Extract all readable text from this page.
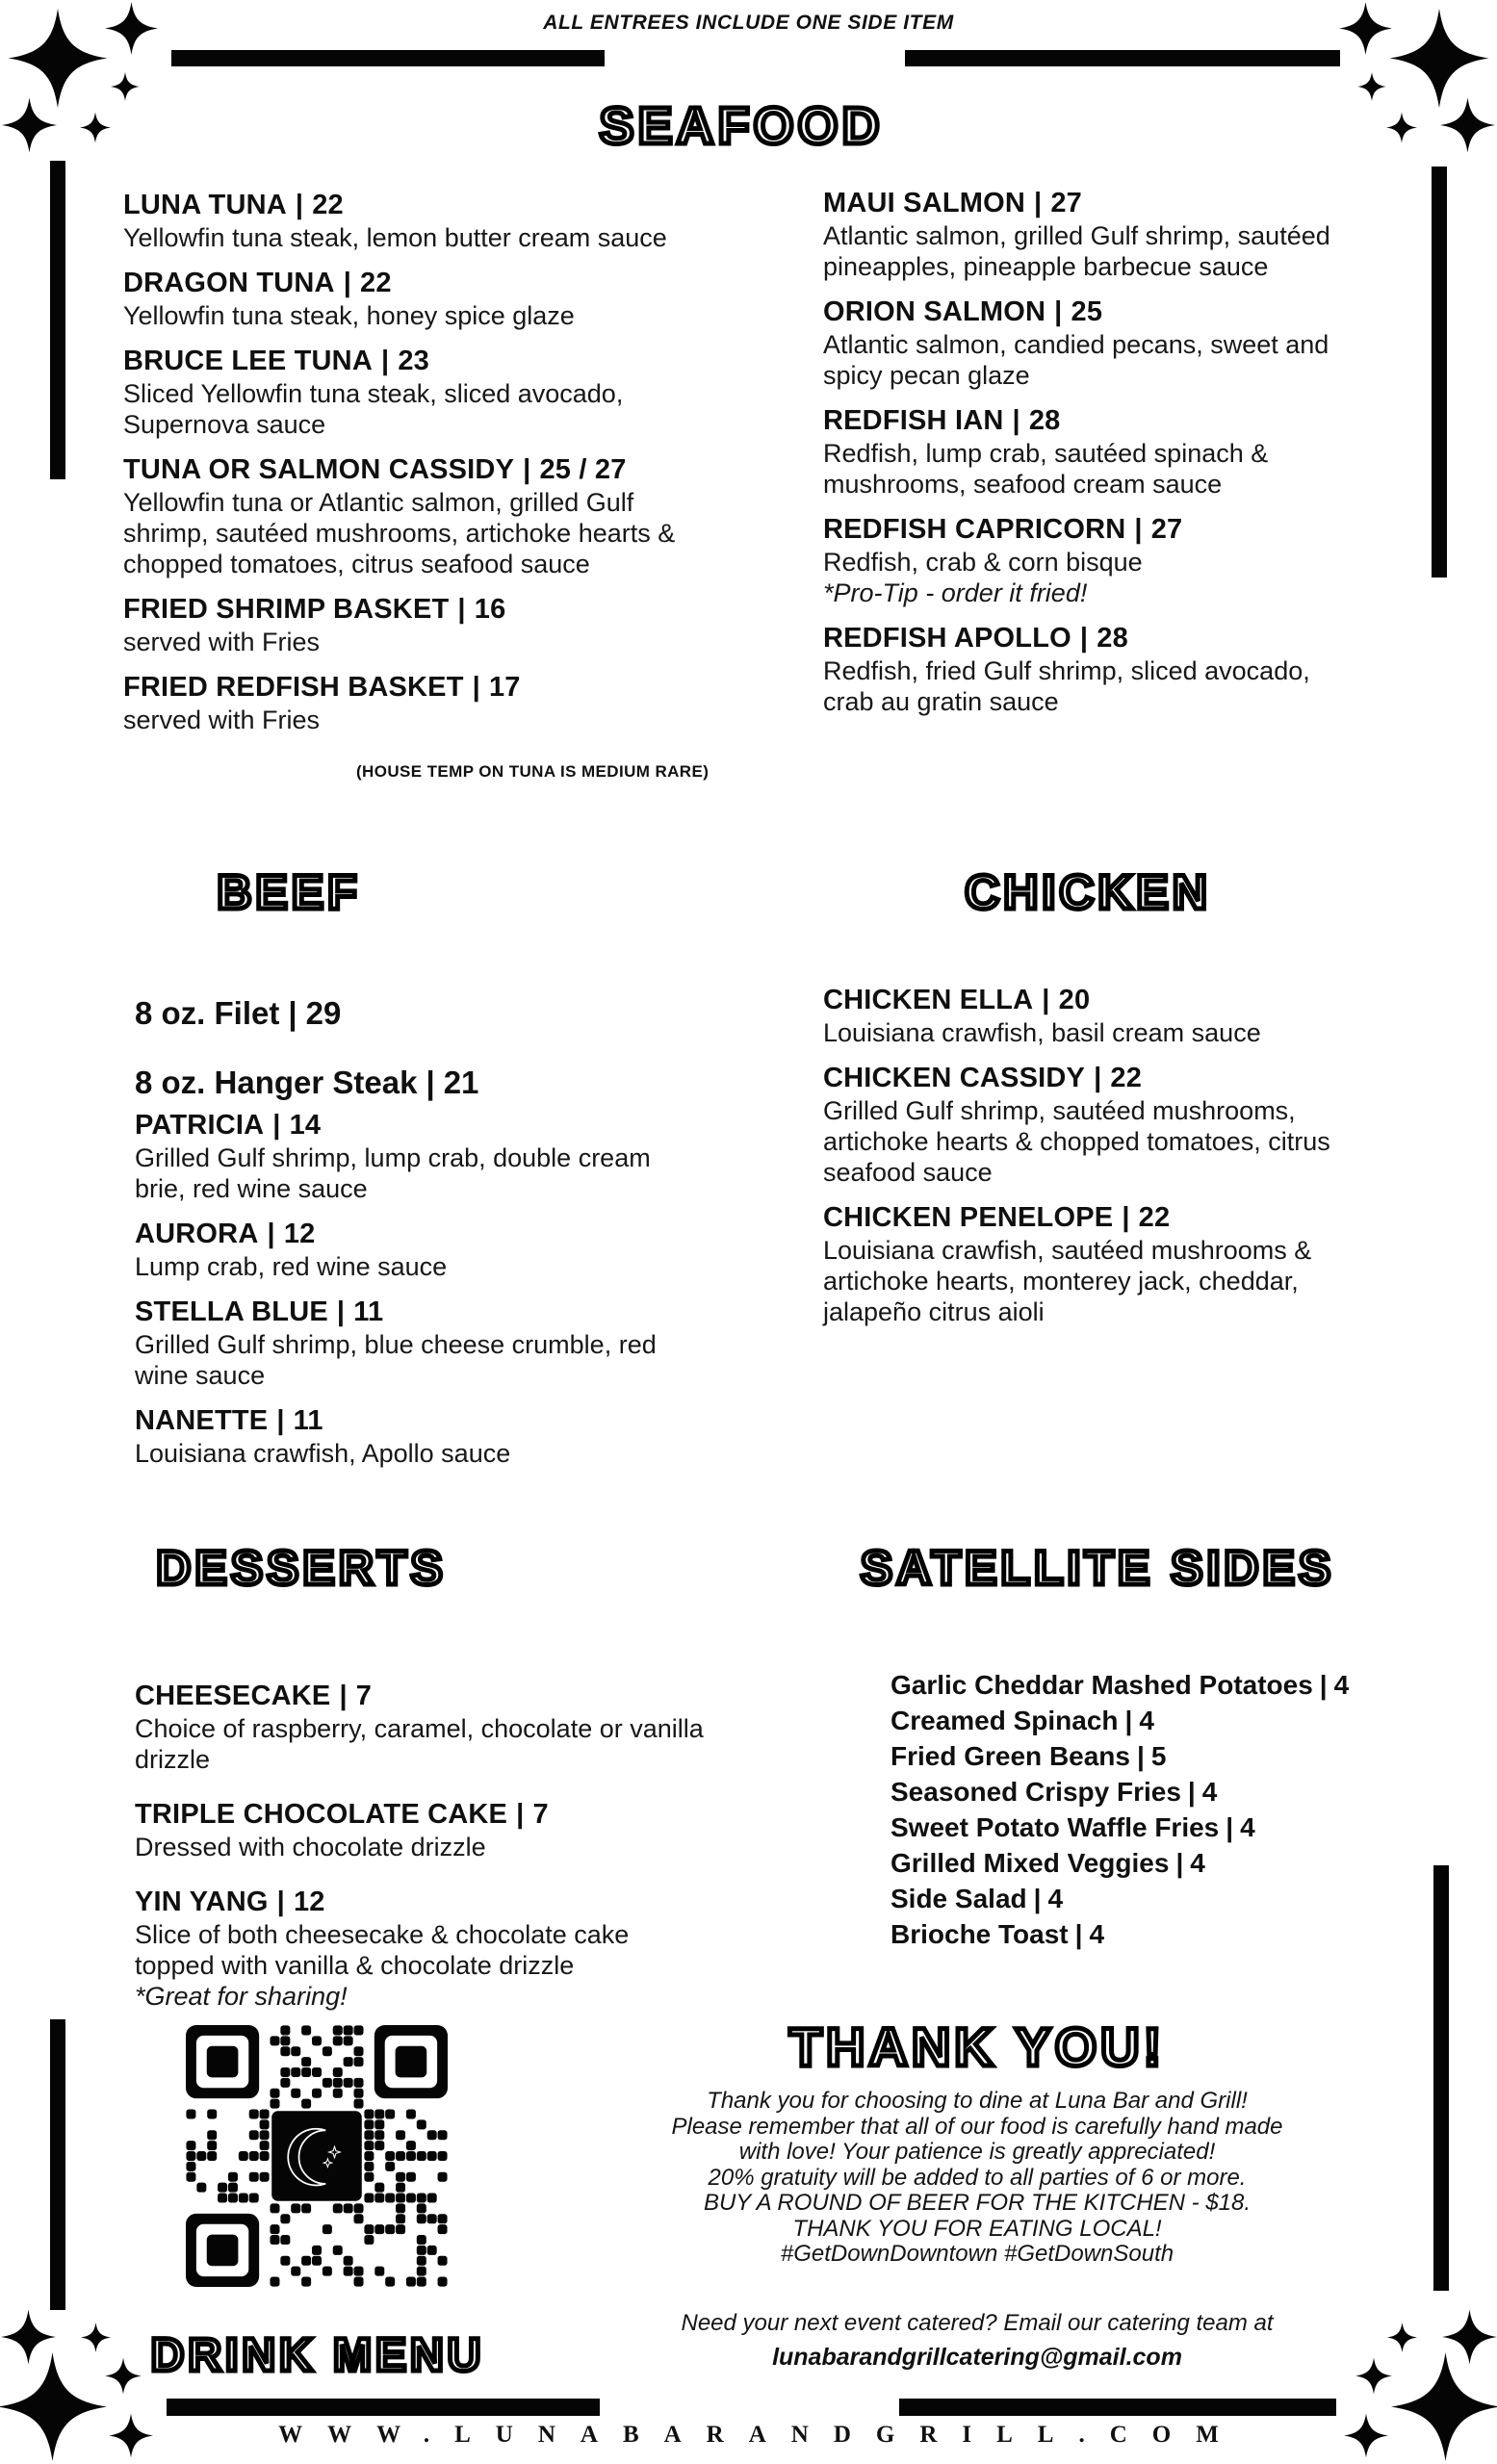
ALL ENTREES INCLUDE ONE SIDE ITEM
SEAFOOD
LUNA TUNA | 22
Yellowfin tuna steak, lemon butter cream sauce
DRAGON TUNA | 22
Yellowfin tuna steak, honey spice glaze
BRUCE LEE TUNA | 23
Sliced Yellowfin tuna steak, sliced avocado, Supernova sauce
TUNA OR SALMON CASSIDY | 25 / 27
Yellowfin tuna or Atlantic salmon, grilled Gulf shrimp, sautéed mushrooms, artichoke hearts & chopped tomatoes, citrus seafood sauce
FRIED SHRIMP BASKET | 16
served with Fries
FRIED REDFISH BASKET | 17
served with Fries
MAUI SALMON | 27
Atlantic salmon, grilled Gulf shrimp, sautéed pineapples, pineapple barbecue sauce
ORION SALMON | 25
Atlantic salmon, candied pecans, sweet and spicy pecan glaze
REDFISH IAN | 28
Redfish, lump crab, sautéed spinach & mushrooms, seafood cream sauce
REDFISH CAPRICORN | 27
Redfish, crab & corn bisque
*Pro-Tip - order it fried!
REDFISH APOLLO | 28
Redfish, fried Gulf shrimp, sliced avocado, crab au gratin sauce
(HOUSE TEMP ON TUNA IS MEDIUM RARE)
BEEF	CHICKEN
8 oz. Filet | 29
8 oz. Hanger Steak | 21
PATRICIA | 14
Grilled Gulf shrimp, lump crab, double cream brie, red wine sauce
AURORA | 12
Lump crab, red wine sauce
STELLA BLUE | 11
Grilled Gulf shrimp, blue cheese crumble, red wine sauce
NANETTE | 11
Louisiana crawfish, Apollo sauce
CHICKEN ELLA | 20
Louisiana crawfish, basil cream sauce
CHICKEN CASSIDY | 22
Grilled Gulf shrimp, sautéed mushrooms, artichoke hearts & chopped tomatoes, citrus seafood sauce
CHICKEN PENELOPE | 22
Louisiana crawfish, sautéed mushrooms & artichoke hearts, monterey jack, cheddar, jalapeño citrus aioli
DESSERTS	SATELLITE SIDES
CHEESECAKE | 7
Choice of raspberry, caramel, chocolate or vanilla drizzle
TRIPLE CHOCOLATE CAKE | 7
Dressed with chocolate drizzle
YIN YANG | 12
Slice of both cheesecake & chocolate cake topped with vanilla & chocolate drizzle
*Great for sharing!
Garlic Cheddar Mashed Potatoes | 4
Creamed Spinach | 4
Fried Green Beans | 5
Seasoned Crispy Fries | 4
Sweet Potato Waffle Fries | 4
Grilled Mixed Veggies | 4
Side Salad | 4
Brioche Toast | 4
THANK YOU!
Thank you for choosing to dine at Luna Bar and Grill!
Please remember that all of our food is carefully hand made
with love! Your patience is greatly appreciated!
20% gratuity will be added to all parties of 6 or more.
BUY A ROUND OF BEER FOR THE KITCHEN - $18.
THANK YOU FOR EATING LOCAL!
#GetDownDowntown #GetDownSouth
Need your next event catered? Email our catering team at
lunabarandgrillcatering@gmail.com
DRINK MENU
WWW.LUNABARANDGRILL.COM
